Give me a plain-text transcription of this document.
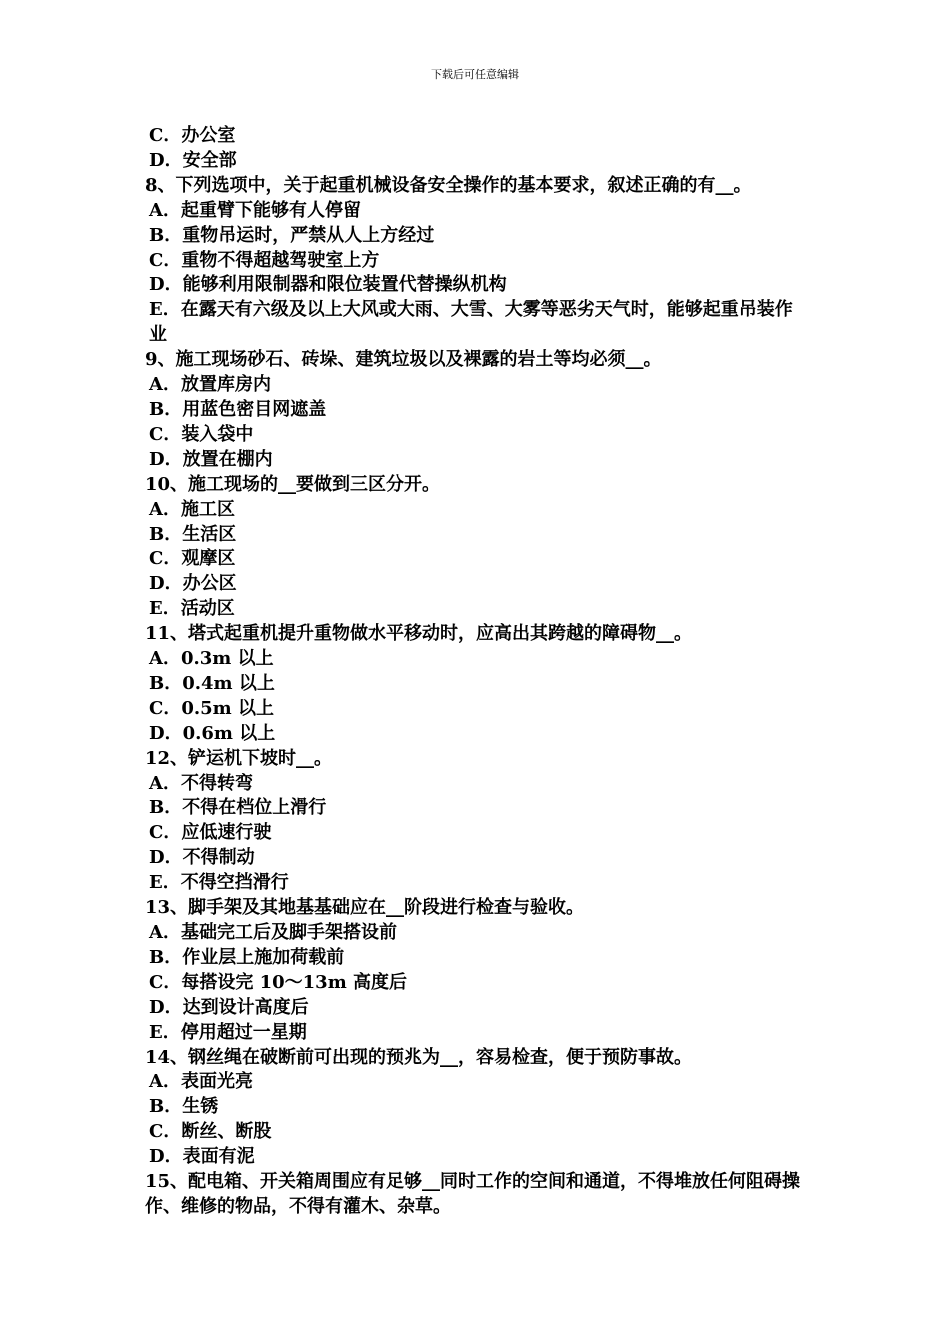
下载后可任意编辑
C．办公室
D．安全部
8、下列选项中，关于起重机械设备安全操作的基本要求，叙述正确的有__。
A．起重臂下能够有人停留
B．重物吊运时，严禁从人上方经过
C．重物不得超越驾驶室上方
D．能够利用限制器和限位装置代替操纵机构
E．在露天有六级及以上大风或大雨、大雪、大雾等恶劣天气时，能够起重吊装作业
9、施工现场砂石、砖垛、建筑垃圾以及裸露的岩土等均必须__。
A．放置库房内
B．用蓝色密目网遮盖
C．装入袋中
D．放置在棚内
10、施工现场的__要做到三区分开。
A．施工区
B．生活区
C．观摩区
D．办公区
E．活动区
11、塔式起重机提升重物做水平移动时，应高出其跨越的障碍物__。
A．0.3m 以上
B．0.4m 以上
C．0.5m 以上
D．0.6m 以上
12、铲运机下坡时__。
A．不得转弯
B．不得在档位上滑行
C．应低速行驶
D．不得制动
E．不得空挡滑行
13、脚手架及其地基基础应在__阶段进行检查与验收。
A．基础完工后及脚手架搭设前
B．作业层上施加荷载前
C．每搭设完 10～13m 高度后
D．达到设计高度后
E．停用超过一星期
14、钢丝绳在破断前可出现的预兆为__，容易检查，便于预防事故。
A．表面光亮
B．生锈
C．断丝、断股
D．表面有泥
15、配电箱、开关箱周围应有足够__同时工作的空间和通道，不得堆放任何阻碍操作、维修的物品，不得有灌木、杂草。
